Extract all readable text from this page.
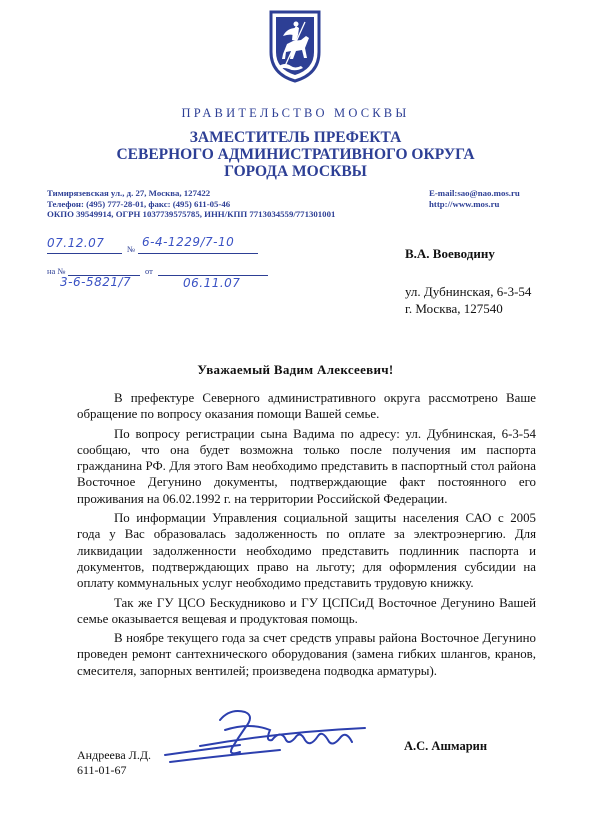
ПРАВИТЕЛЬСТВО МОСКВЫ
ЗАМЕСТИТЕЛЬ ПРЕФЕКТА
СЕВЕРНОГО АДМИНИСТРАТИВНОГО ОКРУГА
ГОРОДА МОСКВЫ
Тимирязевская ул., д. 27, Москва, 127422
Телефон: (495) 777-28-01, факс: (495) 611-05-46
ОКПО 39549914, ОГРН 1037739575785, ИНН/КПП 7713034559/771301001
E-mail:sao@nao.mos.ru
http://www.mos.ru
07.12.07	№ 6-4-1229/7-10
на №
3-6-5821/7
от
06.11.07
В.А. Воеводину
ул. Дубнинская, 6-3-54
г. Москва, 127540
Уважаемый Вадим Алексеевич!

В префектуре Северного административного округа рассмотрено Ваше обращение по вопросу оказания помощи Вашей семье.

По вопросу регистрации сына Вадима по адресу: ул. Дубнинская, 6-3-54 сообщаю, что она будет возможна только после получения им паспорта гражданина РФ. Для этого Вам необходимо представить в паспортный стол района Восточное Дегунино документы, подтверждающие факт постоянного его проживания на 06.02.1992 г. на территории Российской Федерации.

По информации Управления социальной защиты населения САО с 2005 года у Вас образовалась задолженность по оплате за электроэнергию. Для ликвидации задолженности необходимо представить подлинник паспорта и документов, подтверждающих право на льготу; для оформления субсидии на оплату коммунальных услуг необходимо представить трудовую книжку.

Так же ГУ ЦСО Бескудниково и ГУ ЦСПСиД Восточное Дегунино Вашей семье оказывается вещевая и продуктовая помощь.

В ноябре текущего года за счет средств управы района Восточное Дегунино проведен ремонт сантехнического оборудования (замена гибких шлангов, кранов, смесителя, запорных вентилей; произведена подводка арматуры).

А.С. Ашмарин
Андреева Л.Д.
611-01-67
